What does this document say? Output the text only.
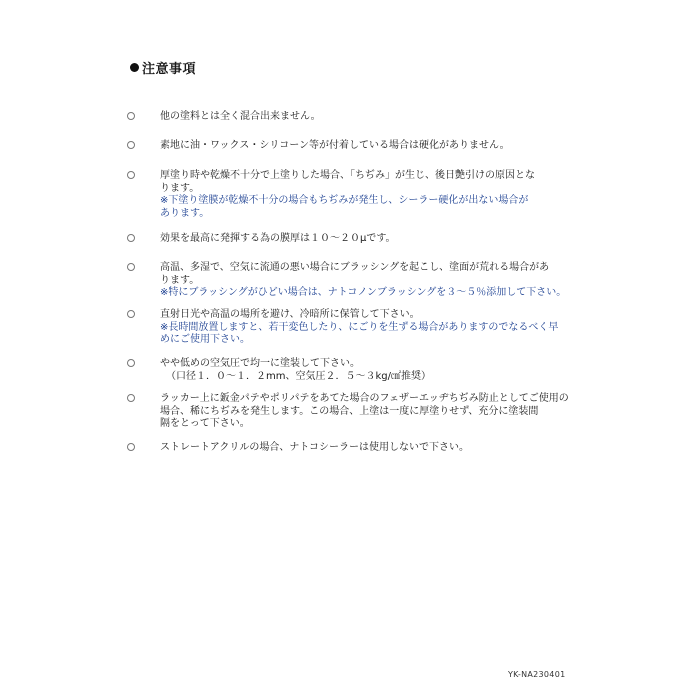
注意事項
他の塗料とは全く混合出来ません。
素地に油・ワックス・シリコーン等が付着している場合は硬化がありません。
厚塗り時や乾燥不十分で上塗りした場合、「ちぢみ」が生じ、後日艶引けの原因とな
ります。
※下塗り塗膜が乾燥不十分の場合もちぢみが発生し、シーラー硬化が出ない場合が
あります。
効果を最高に発揮する為の膜厚は１０～２０μです。
高温、多湿で、空気に流通の悪い場合にブラッシングを起こし、塗面が荒れる場合があ
ります。
※特にブラッシングがひどい場合は、ナトコノンブラッシングを３～５％添加して下さい。
直射日光や高温の場所を避け、冷暗所に保管して下さい。
※長時間放置しますと、若干変色したり、にごりを生ずる場合がありますのでなるべく早
めにご使用下さい。
やや低めの空気圧で均一に塗装して下さい。
（口径１．０～１．２mm、空気圧２．５～３kg/㎠推奨）
ラッカー上に鈑金パテやポリパテをあてた場合のフェザーエッヂちぢみ防止としてご使用の
場合、稀にちぢみを発生します。この場合、上塗は一度に厚塗りせず、充分に塗装間
隔をとって下さい。
ストレートアクリルの場合、ナトコシーラーは使用しないで下さい。
YK-NA230401
